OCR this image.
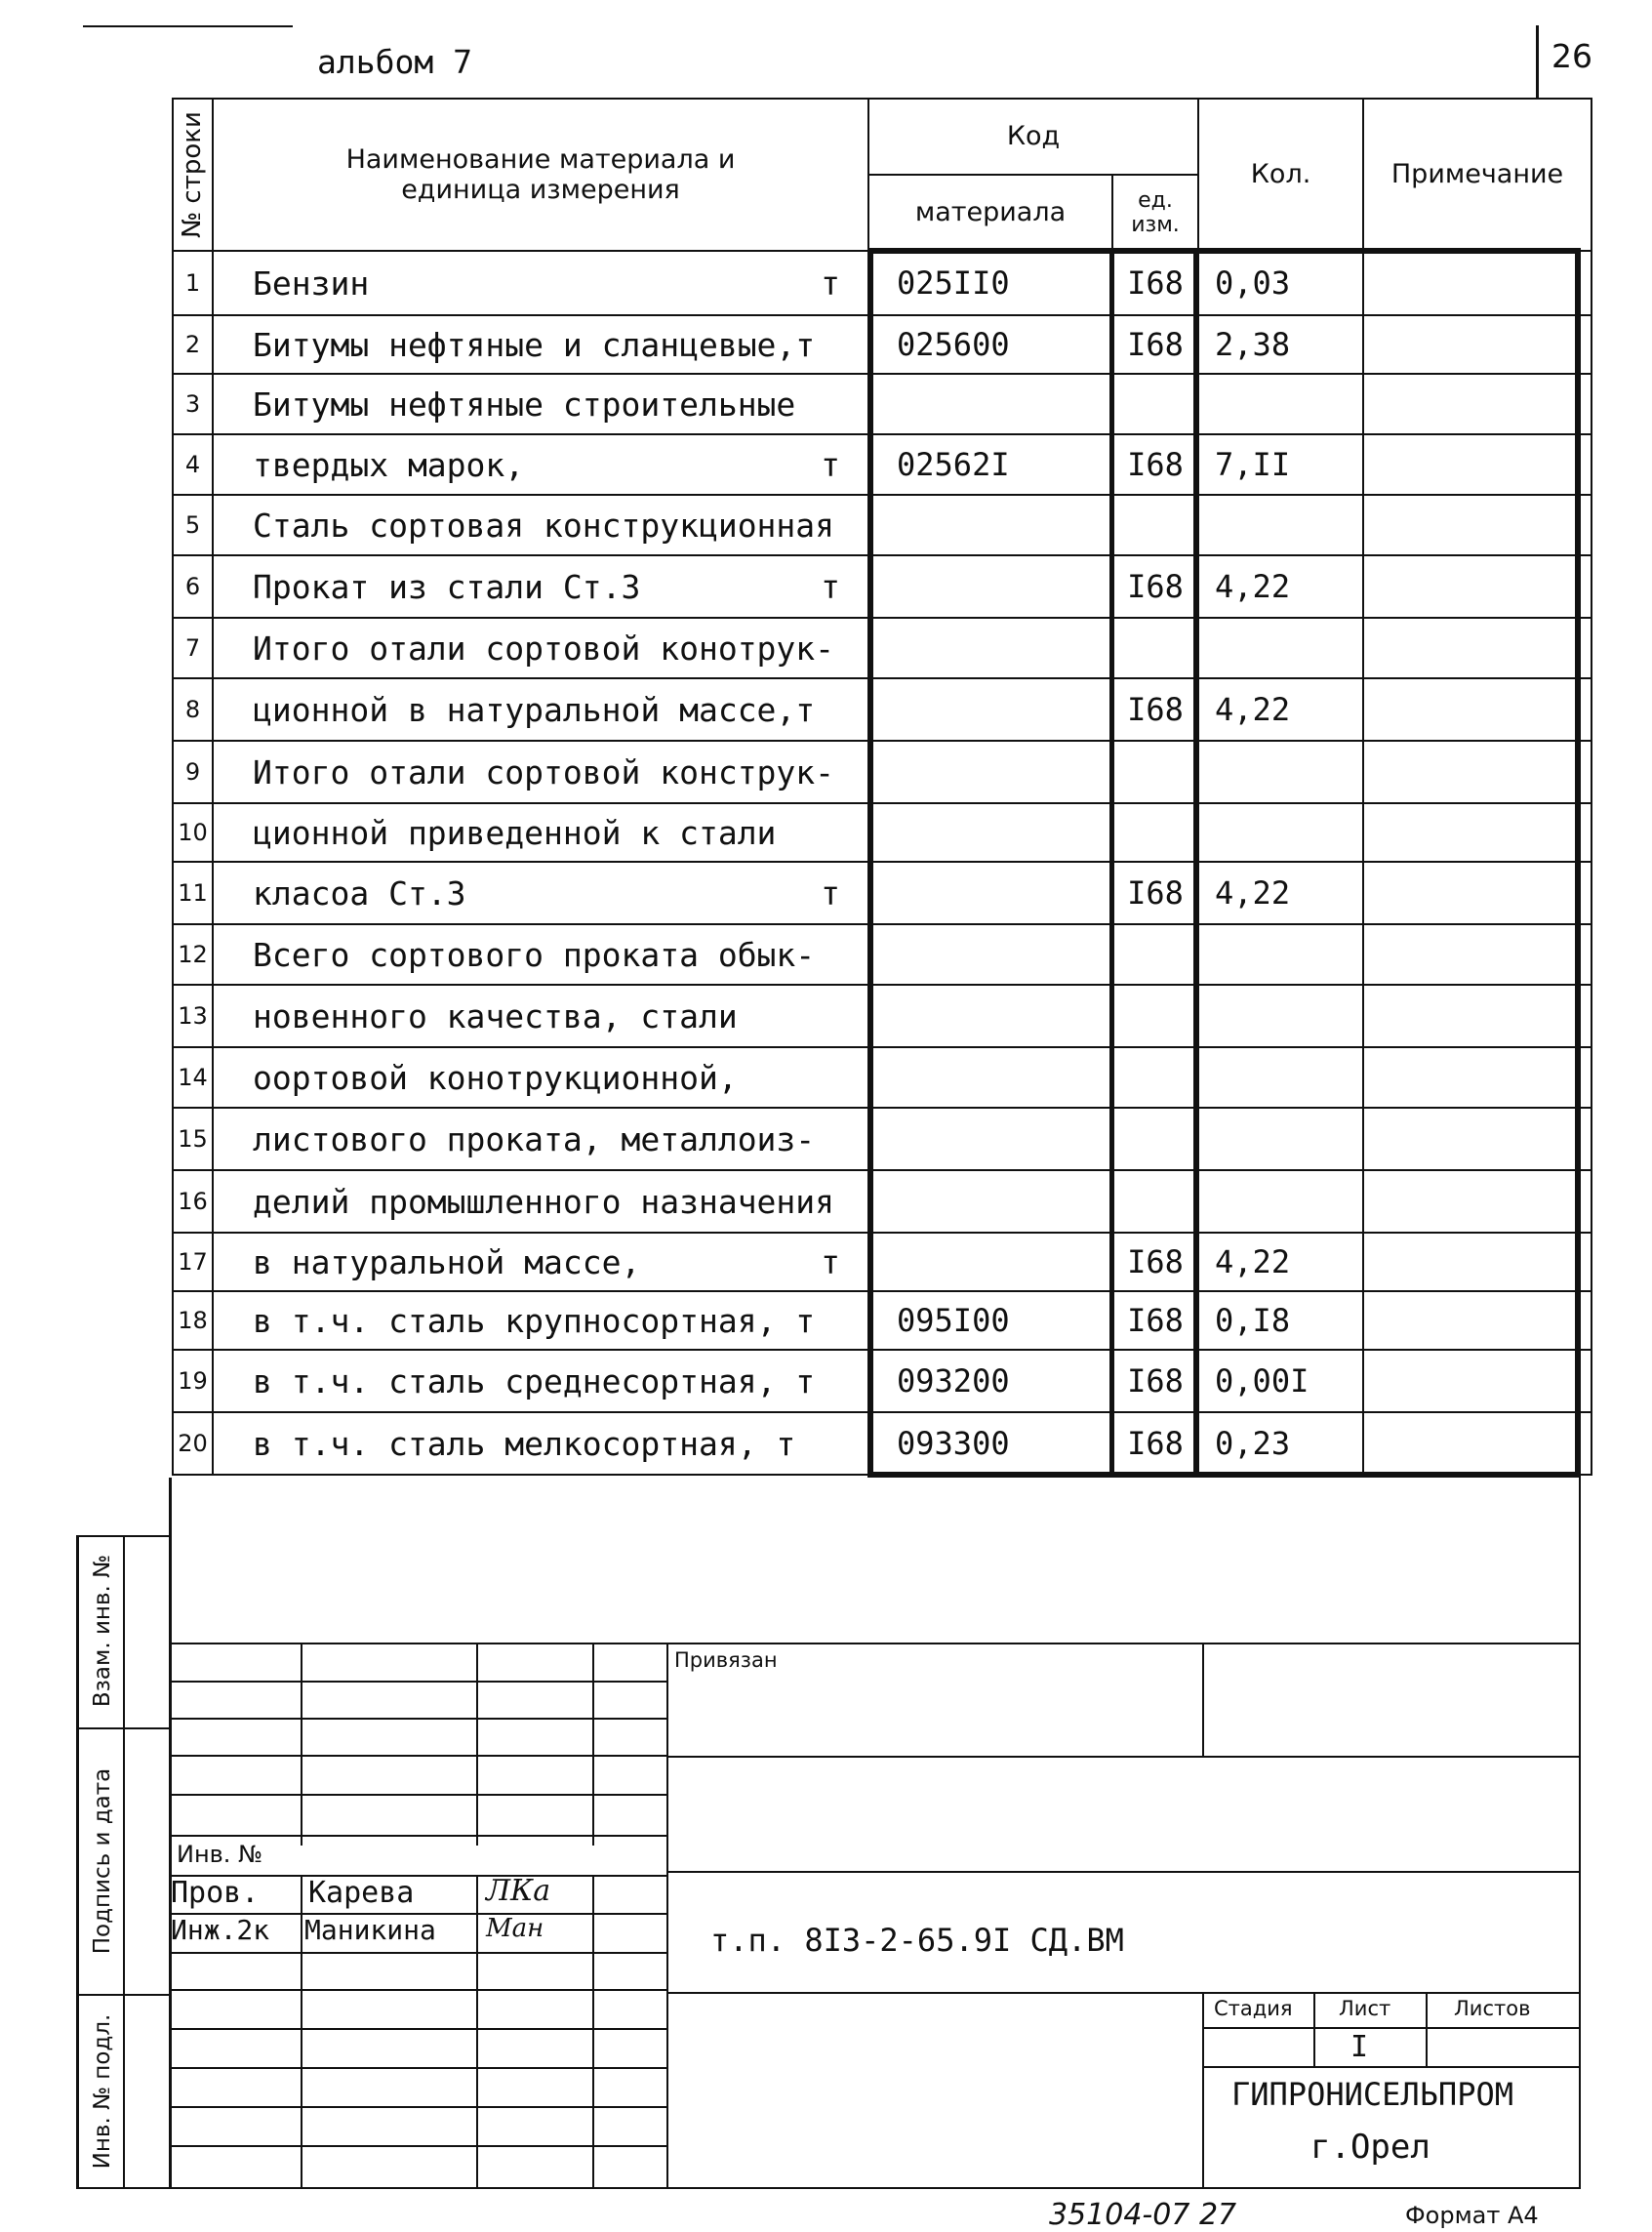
альбом 7	26
№ строки	Наименование материала и
единица измерения	Код		Кол.	Примечание
		материала	ед. изм.		
1	Бензин т	025II0	I68	0,03	
2	Битумы нефтяные и сланцевые,т	025600	I68	2,38	
3	Битумы нефтяные строительные				
4	твердых марок, т	02562I	I68	7,II	
5	Сталь сортовая конструкционная				
6	Прокат из стали Ст.3 т		I68	4,22	
7	Итого отали сортовой конотрук-				
8	ционной в натуральной массе,т		I68	4,22	
9	Итого отали сортовой конструк-				
10	ционной приведенной к стали				
11	класоа Ст.3 т		I68	4,22	
12	Всего сортового проката обык-				
13	новенного качества, стали				
14	оортовой конотрукционной,				
15	листового проката, металлоиз-				
16	делий промышленного назначения				
17	в натуральной массе, т		I68	4,22	
18	в т.ч. сталь крупносортная, т	095I00	I68	0,I8	
19	в т.ч. сталь среднесортная, т	093200	I68	0,00I	
20	в т.ч. сталь мелкосортная, т	093300	I68	0,23	
Взам. инв. №
Подпись и дата
Инв. № подл.
Привязан
Инв. №
Пров. Карева ЛКа
Инж.2к Маникина Ман	т.п. 8I3-2-65.9I СД.ВМ
Стадия Лист	Листов
I
ГИПРОНИСЕЛЬПРОМ
г.Орел
35104-07 27	Формат А4
